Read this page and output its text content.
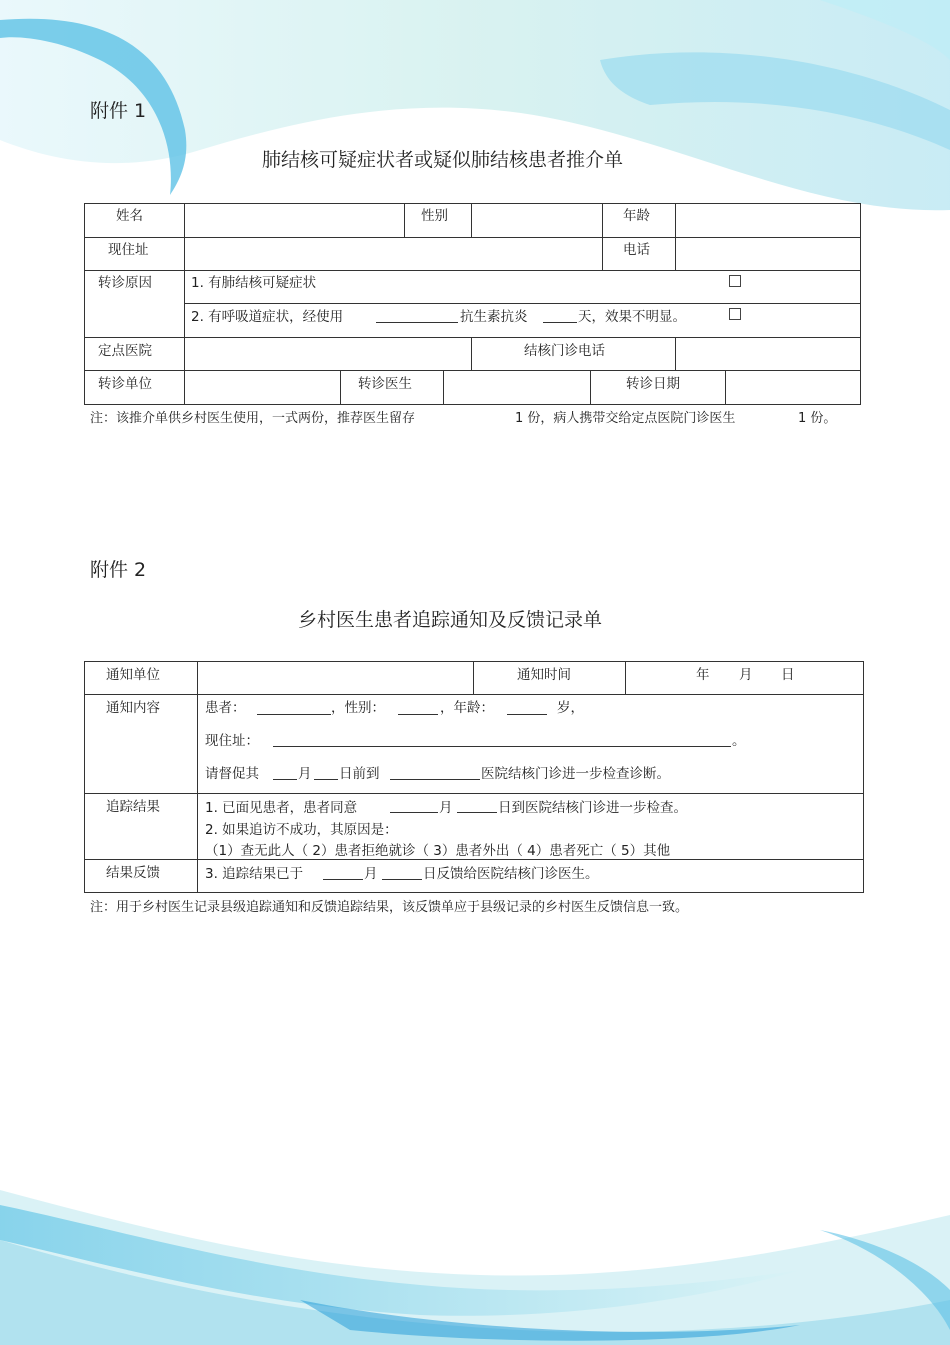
附件 1
肺结核可疑症状者或疑似肺结核患者推介单
姓名	性别	年龄
现住址	电话
转诊原因	1. 有肺结核可疑症状
2. 有呼吸道症状，经使用	抗生素抗炎	天，效果不明显。
定点医院	结核门诊电话
转诊单位	转诊医生	转诊日期
注：该推介单供乡村医生使用，一式两份，推荐医生留存	1 份，病人携带交给定点医院门诊医生	1 份。
附件 2
乡村医生患者追踪通知及反馈记录单
通知单位	通知时间	年 月 日
通知内容	患者：	，性别：	，年龄：	岁，
现住址：	。
请督促其	月 日前到	医院结核门诊进一步检查诊断。
追踪结果	1. 已面见患者，患者同意	月	日到医院结核门诊进一步检查。
2. 如果追访不成功，其原因是：
（1）查无此人（ 2）患者拒绝就诊（ 3）患者外出（ 4）患者死亡（ 5）其他
结果反馈	3. 追踪结果已于	月	日反馈给医院结核门诊医生。
注：用于乡村医生记录县级追踪通知和反馈追踪结果，该反馈单应于县级记录的乡村医生反馈信息一致。
